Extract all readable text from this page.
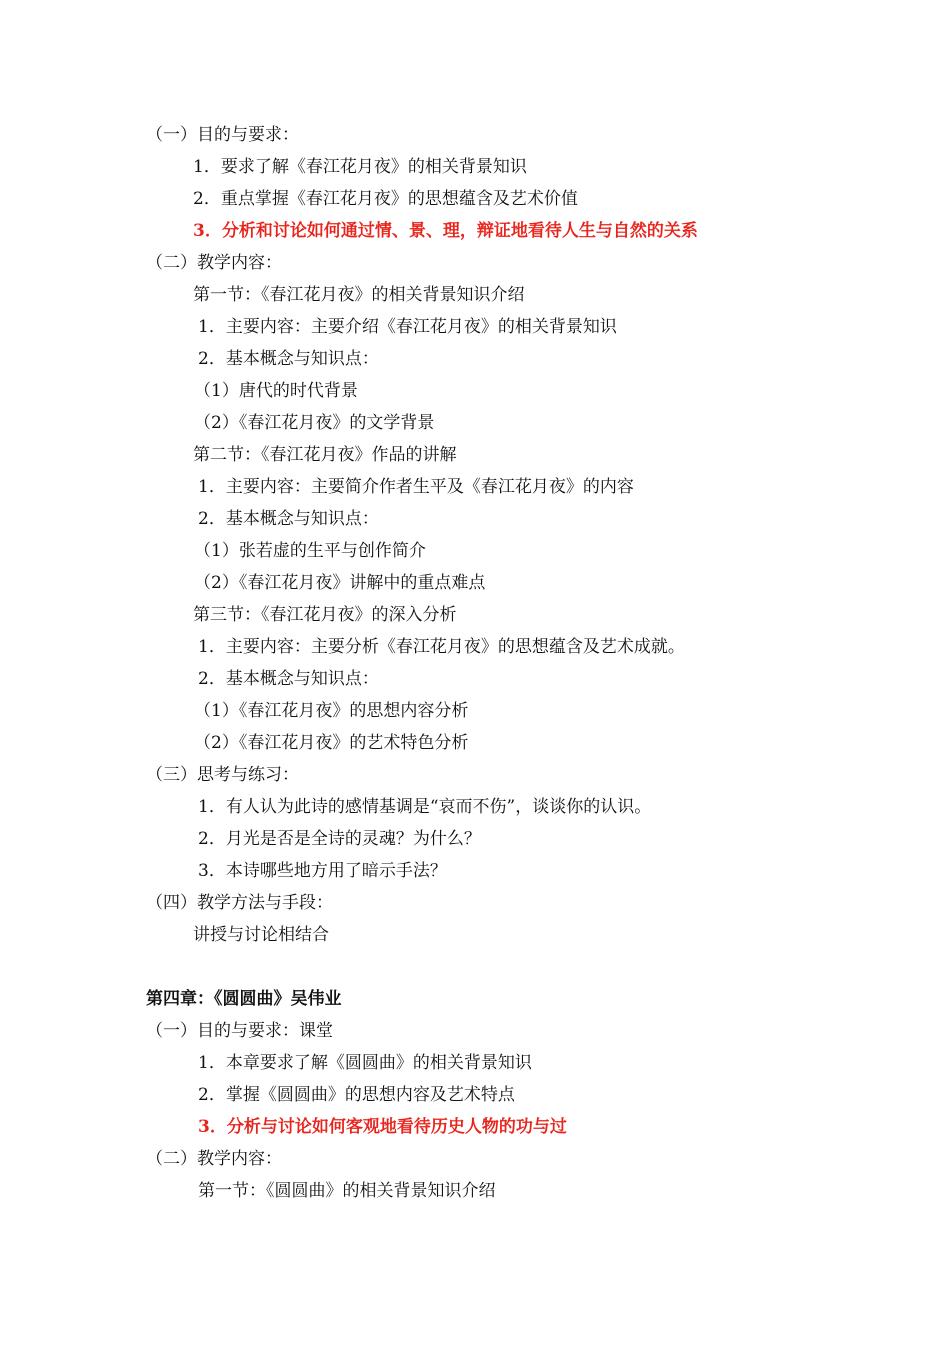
（一）目的与要求：
1．要求了解《春江花月夜》的相关背景知识
2．重点掌握《春江花月夜》的思想蕴含及艺术价值
3．分析和讨论如何通过情、景、理，辩证地看待人生与自然的关系
（二）教学内容：
第一节：《春江花月夜》的相关背景知识介绍
1．主要内容：主要介绍《春江花月夜》的相关背景知识
2．基本概念与知识点：
（1）唐代的时代背景
（2）《春江花月夜》的文学背景
第二节：《春江花月夜》作品的讲解
1．主要内容：主要简介作者生平及《春江花月夜》的内容
2．基本概念与知识点：
（1）张若虚的生平与创作简介
（2）《春江花月夜》讲解中的重点难点
第三节：《春江花月夜》的深入分析
1．主要内容：主要分析《春江花月夜》的思想蕴含及艺术成就。
2．基本概念与知识点：
（1）《春江花月夜》的思想内容分析
（2）《春江花月夜》的艺术特色分析
（三）思考与练习：
1．有人认为此诗的感情基调是“哀而不伤”，谈谈你的认识。
2．月光是否是全诗的灵魂？为什么？
3．本诗哪些地方用了暗示手法？
（四）教学方法与手段：
讲授与讨论相结合
第四章：《圆圆曲》吴伟业
（一）目的与要求：课堂
1．本章要求了解《圆圆曲》的相关背景知识
2．掌握《圆圆曲》的思想内容及艺术特点
3．分析与讨论如何客观地看待历史人物的功与过
（二）教学内容：
第一节：《圆圆曲》的相关背景知识介绍
